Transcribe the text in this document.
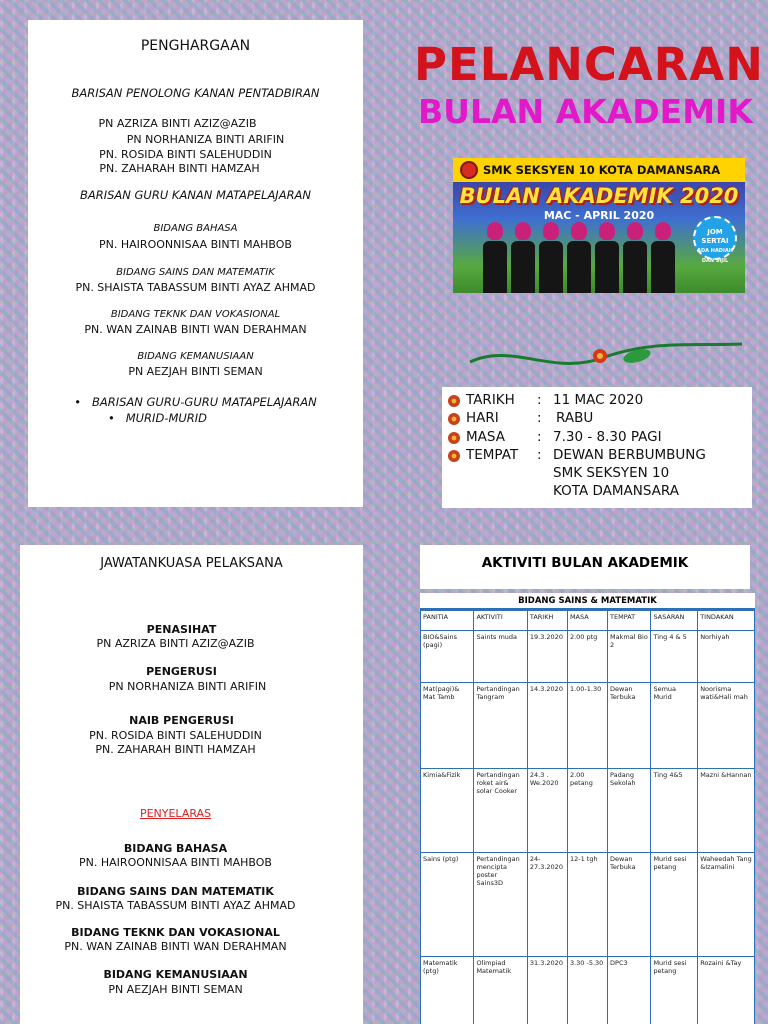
PENGHARGAAN
BARISAN PENOLONG KANAN PENTADBIRAN
PN AZRIZA BINTI AZIZ@AZIB
PN NORHANIZA BINTI ARIFIN
PN. ROSIDA BINTI SALEHUDDIN
PN. ZAHARAH BINTI HAMZAH
BARISAN GURU KANAN MATAPELAJARAN
BIDANG BAHASA
PN. HAIROONNISAA BINTI MAHBOB
BIDANG SAINS DAN MATEMATIK
PN. SHAISTA TABASSUM BINTI AYAZ AHMAD
BIDANG TEKNK DAN VOKASIONAL
PN. WAN ZAINAB BINTI WAN DERAHMAN
BIDANG KEMANUSIAAN
PN AEZJAH BINTI SEMAN
•   BARISAN GURU-GURU MATAPELAJARAN
•   MURID-MURID
PELANCARAN
BULAN AKADEMIK
SMK SEKSYEN 10 KOTA DAMANSARA
BULAN AKADEMIK 2020
MAC - APRIL 2020
JOM
SERTAI
ADA HADIAH
DAN SIJIL
TARIKH : 11 MAC 2020
HARI	: RABU
MASA : 7.30 - 8.30 PAGI
TEMPAT : DEWAN BERBUMBUNG
SMK SEKSYEN 10
KOTA DAMANSARA
JAWATANKUASA PELAKSANA
PENASIHAT
PN AZRIZA BINTI AZIZ@AZIB
PENGERUSI
PN NORHANIZA BINTI ARIFIN
NAIB PENGERUSI
PN. ROSIDA BINTI SALEHUDDIN
PN. ZAHARAH BINTI HAMZAH
PENYELARAS
BIDANG BAHASA
PN. HAIROONNISAA BINTI MAHBOB
BIDANG SAINS DAN MATEMATIK
PN. SHAISTA TABASSUM BINTI AYAZ AHMAD
BIDANG TEKNK DAN VOKASIONAL
PN. WAN ZAINAB BINTI WAN DERAHMAN
BIDANG KEMANUSIAAN
PN AEZJAH BINTI SEMAN
AKTIVITI BULAN AKADEMIK
BIDANG SAINS & MATEMATIK
PANITIA	AKTIVITI	TARIKH	MASA	TEMPAT	SASARAN	TINDAKAN
BIO&Sains (pagi)	Saints muda	19.3.2020	2.00 ptg	Makmal Bio 2	Ting 4 & 5	Norhiyah
Mat(pagi)& Mat Tamb	Pertandingan Tangram	14.3.2020	1.00-1.30	Dewan Terbuka	Semua Murid	Noorisma wati&Hali mah
Kimia&Fizik	Pertandingan roket air& solar Cooker	24.3 . We.2020	2.00 petang	Padang Sekolah	Ting 4&5	Mazni &Hannan
Sains (ptg)	Pertandingan mencipta poster Sains3D	24-27.3.2020	12-1 tgh	Dewan Terbuka	Murid sesi petang	Waheedah Tang &Izamalini
Matematik (ptg)	Olimpiad Matematik	31.3.2020	3.30 -5.30	DPC3	Murid sesi petang	Rozaini &Tay
